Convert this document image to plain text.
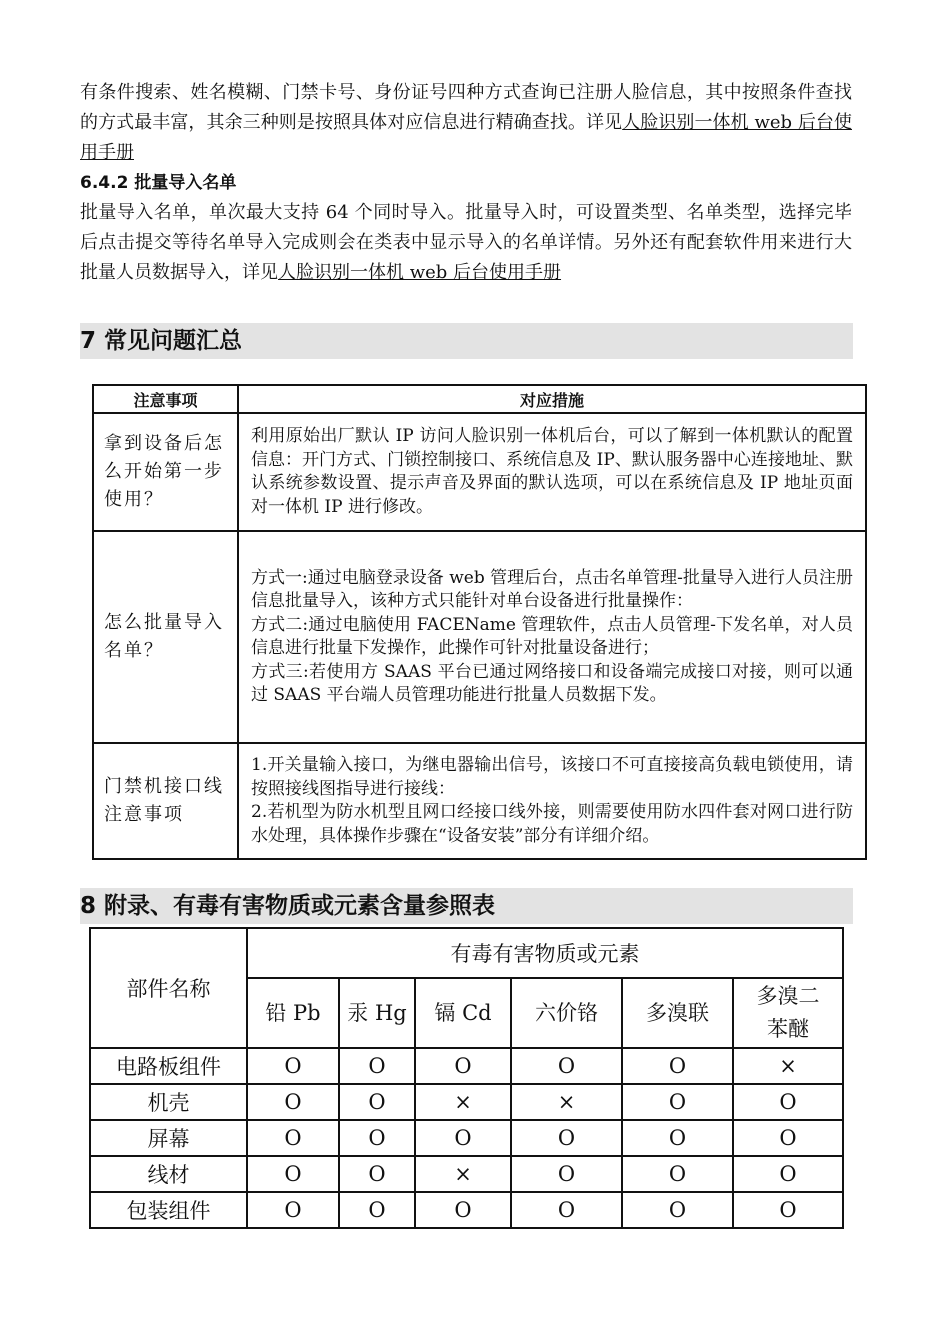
有条件搜索、姓名模糊、门禁卡号、身份证号四种方式查询已注册人脸信息，其中按照条件查找的方式最丰富，其余三种则是按照具体对应信息进行精确查找。详见人脸识别一体机 web 后台使用手册
6.4.2 批量导入名单
批量导入名单，单次最大支持 64 个同时导入。批量导入时，可设置类型、名单类型，选择完毕后点击提交等待名单导入完成则会在类表中显示导入的名单详情。另外还有配套软件用来进行大批量人员数据导入，详见人脸识别一体机 web 后台使用手册
7 常见问题汇总
注意事项	对应措施
拿到设备后怎么开始第一步使用？	利用原始出厂默认 IP 访问人脸识别一体机后台，可以了解到一体机默认的配置信息：开门方式、门锁控制接口、系统信息及 IP、默认服务器中心连接地址、默认系统参数设置、提示声音及界面的默认选项，可以在系统信息及 IP 地址页面对一体机 IP 进行修改。

怎么批量导入名单？	方式一:通过电脑登录设备 web 管理后台，点击名单管理-批量导入进行人员注册信息批量导入，该种方式只能针对单台设备进行批量操作：
方式二:通过电脑使用 FACEName 管理软件，点击人员管理-下发名单，对人员信息进行批量下发操作，此操作可针对批量设备进行；
方式三:若使用方 SAAS 平台已通过网络接口和设备端完成接口对接，则可以通过 SAAS 平台端人员管理功能进行批量人员数据下发。

门禁机接口线注意事项	1.开关量输入接口，为继电器输出信号，该接口不可直接接高负载电锁使用，请按照接线图指导进行接线：
2.若机型为防水机型且网口经接口线外接，则需要使用防水四件套对网口进行防水处理，具体操作步骤在“设备安装”部分有详细介绍。
8 附录、有毒有害物质或元素含量参照表
部件名称	有毒有害物质或元素					
	铅 Pb	汞 Hg	镉 Cd	六价铬	多溴联	多溴二苯醚
电路板组件	O	O	O	O	O	×
机壳	O	O	×	×	O	O
屏幕	O	O	O	O	O	O
线材	O	O	×	O	O	O
包装组件	O	O	O	O	O	O
